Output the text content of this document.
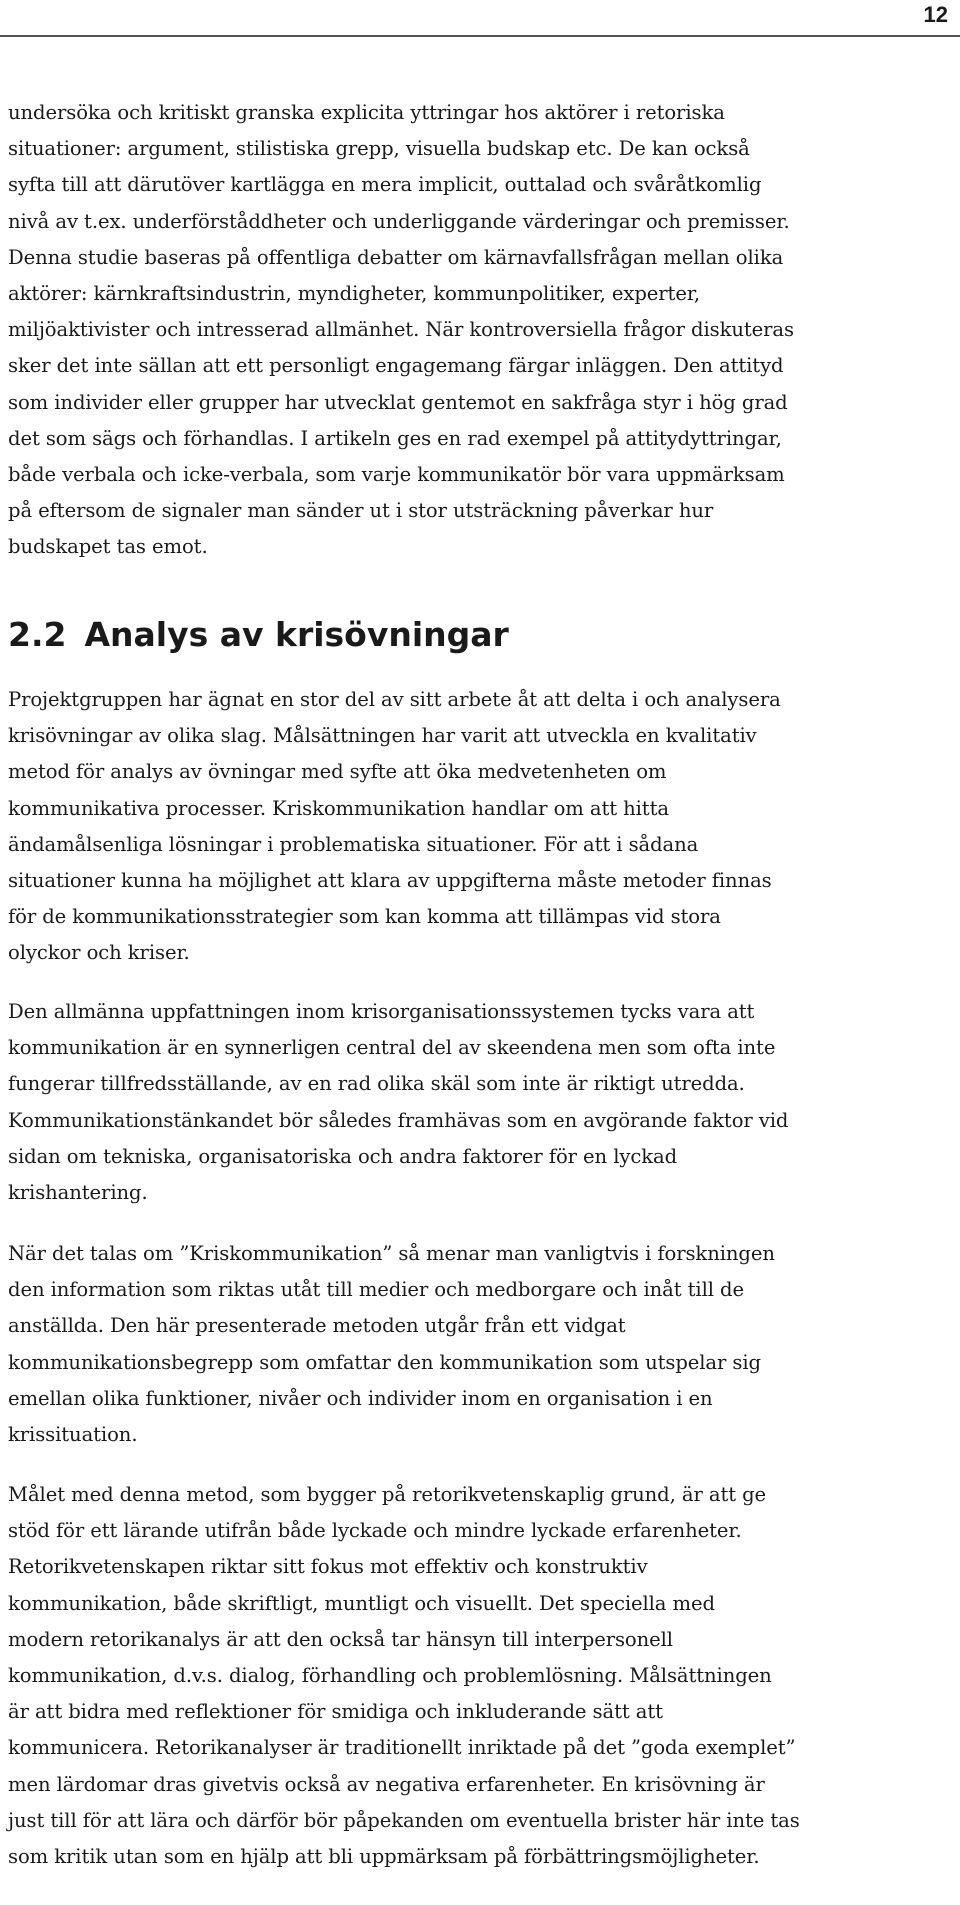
12

undersöka och kritiskt granska explicita yttringar hos aktörer i retoriska
situationer: argument, stilistiska grepp, visuella budskap etc. De kan också
syfta till att därutöver kartlägga en mera implicit, outtalad och svåråtkomlig
nivå av t.ex. underförståddheter och underliggande värderingar och premisser.
Denna studie baseras på offentliga debatter om kärnavfallsfrågan mellan olika
aktörer: kärnkraftsindustrin, myndigheter, kommunpolitiker, experter,
miljöaktivister och intresserad allmänhet. När kontroversiella frågor diskuteras
sker det inte sällan att ett personligt engagemang färgar inläggen. Den attityd
som individer eller grupper har utvecklat gentemot en sakfråga styr i hög grad
det som sägs och förhandlas. I artikeln ges en rad exempel på attitydyttringar,
både verbala och icke-verbala, som varje kommunikatör bör vara uppmärksam
på eftersom de signaler man sänder ut i stor utsträckning påverkar hur
budskapet tas emot.

2.2 Analys av krisövningar

Projektgruppen har ägnat en stor del av sitt arbete åt att delta i och analysera
krisövningar av olika slag. Målsättningen har varit att utveckla en kvalitativ
metod för analys av övningar med syfte att öka medvetenheten om
kommunikativa processer. Kriskommunikation handlar om att hitta
ändamålsenliga lösningar i problematiska situationer. För att i sådana
situationer kunna ha möjlighet att klara av uppgifterna måste metoder finnas
för de kommunikationsstrategier som kan komma att tillämpas vid stora
olyckor och kriser.

Den allmänna uppfattningen inom krisorganisationssystemen tycks vara att
kommunikation är en synnerligen central del av skeendena men som ofta inte
fungerar tillfredsställande, av en rad olika skäl som inte är riktigt utredda.
Kommunikationstänkandet bör således framhävas som en avgörande faktor vid
sidan om tekniska, organisatoriska och andra faktorer för en lyckad
krishantering.

När det talas om ”Kriskommunikation” så menar man vanligtvis i forskningen
den information som riktas utåt till medier och medborgare och inåt till de
anställda. Den här presenterade metoden utgår från ett vidgat
kommunikationsbegrepp som omfattar den kommunikation som utspelar sig
emellan olika funktioner, nivåer och individer inom en organisation i en
krissituation.

Målet med denna metod, som bygger på retorikvetenskaplig grund, är att ge
stöd för ett lärande utifrån både lyckade och mindre lyckade erfarenheter.
Retorikvetenskapen riktar sitt fokus mot effektiv och konstruktiv
kommunikation, både skriftligt, muntligt och visuellt. Det speciella med
modern retorikanalys är att den också tar hänsyn till interpersonell
kommunikation, d.v.s. dialog, förhandling och problemlösning. Målsättningen
är att bidra med reflektioner för smidiga och inkluderande sätt att
kommunicera. Retorikanalyser är traditionellt inriktade på det ”goda exemplet”
men lärdomar dras givetvis också av negativa erfarenheter. En krisövning är
just till för att lära och därför bör påpekanden om eventuella brister här inte tas
som kritik utan som en hjälp att bli uppmärksam på förbättringsmöjligheter.
